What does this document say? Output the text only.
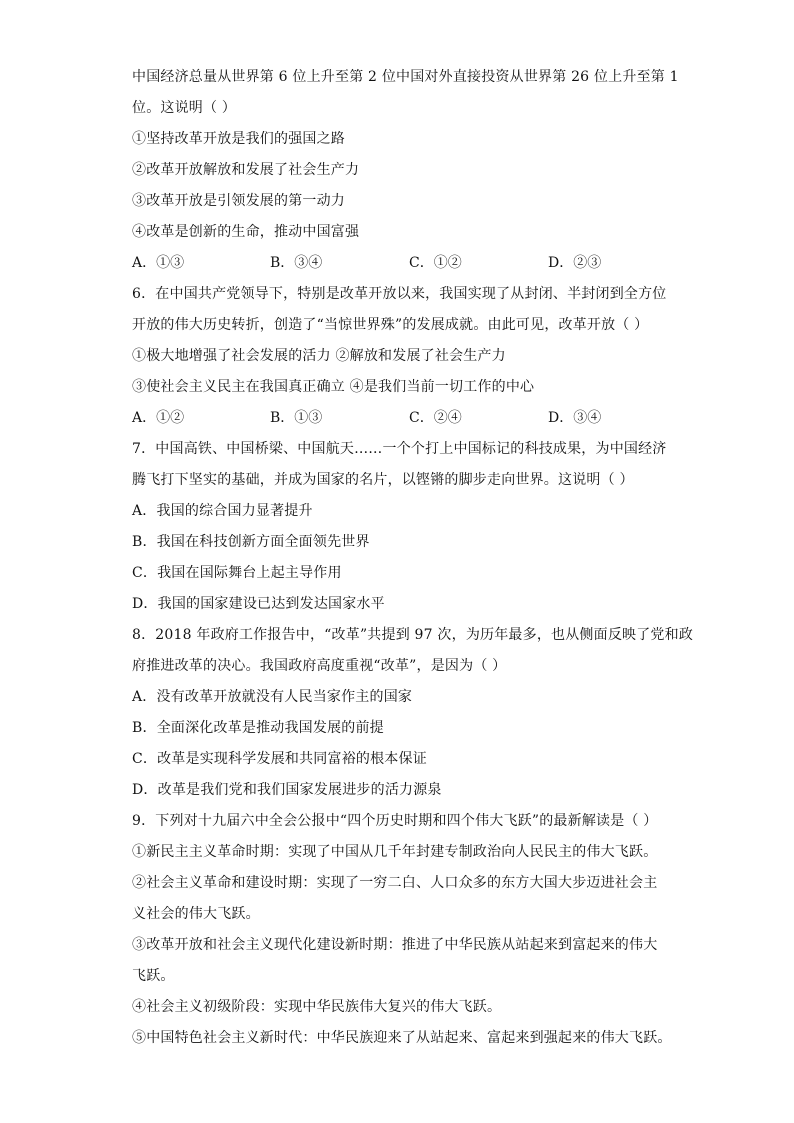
中国经济总量从世界第 6 位上升至第 2 位中国对外直接投资从世界第 26 位上升至第 1
位。这说明（ ）
①坚持改革开放是我们的强国之路
②改革开放解放和发展了社会生产力
③改革开放是引领发展的第一动力
④改革是创新的生命，推动中国富强
A．①③	B．③④	C．①②	D．②③
6．在中国共产党领导下，特别是改革开放以来，我国实现了从封闭、半封闭到全方位
开放的伟大历史转折，创造了“当惊世界殊”的发展成就。由此可见，改革开放（ ）
①极大地增强了社会发展的活力 ②解放和发展了社会生产力
③使社会主义民主在我国真正确立 ④是我们当前一切工作的中心
A．①②	B．①③	C．②④	D．③④
7．中国高铁、中国桥梁、中国航天……一个个打上中国标记的科技成果，为中国经济
腾飞打下坚实的基础，并成为国家的名片，以铿锵的脚步走向世界。这说明（ ）
A．我国的综合国力显著提升
B．我国在科技创新方面全面领先世界
C．我国在国际舞台上起主导作用
D．我国的国家建设已达到发达国家水平
8．2018 年政府工作报告中，“改革”共提到 97 次，为历年最多，也从侧面反映了党和政
府推进改革的决心。我国政府高度重视“改革”，是因为（ ）
A．没有改革开放就没有人民当家作主的国家
B．全面深化改革是推动我国发展的前提
C．改革是实现科学发展和共同富裕的根本保证
D．改革是我们党和我们国家发展进步的活力源泉
9．下列对十九届六中全会公报中“四个历史时期和四个伟大飞跃”的最新解读是（ ）
①新民主主义革命时期：实现了中国从几千年封建专制政治向人民民主的伟大飞跃。
②社会主义革命和建设时期：实现了一穷二白、人口众多的东方大国大步迈进社会主
义社会的伟大飞跃。
③改革开放和社会主义现代化建设新时期：推进了中华民族从站起来到富起来的伟大
飞跃。
④社会主义初级阶段：实现中华民族伟大复兴的伟大飞跃。
⑤中国特色社会主义新时代：中华民族迎来了从站起来、富起来到强起来的伟大飞跃。
